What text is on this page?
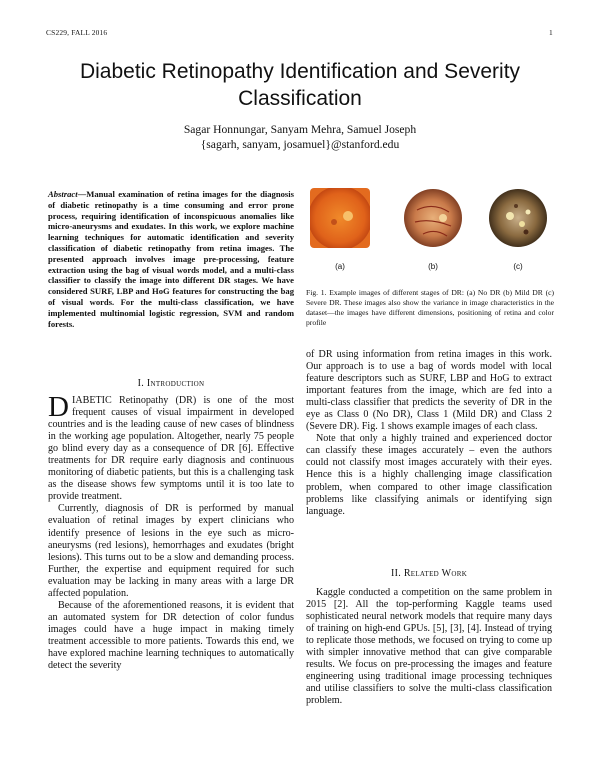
CS229, FALL 2016	1
Diabetic Retinopathy Identification and Severity Classification
Sagar Honnungar, Sanyam Mehra, Samuel Joseph
{sagarh, sanyam, josamuel}@stanford.edu
Abstract—Manual examination of retina images for the diagnosis of diabetic retinopathy is a time consuming and error prone process, requiring identification of inconspicuous anomalies like micro-aneurysms and exudates. In this work, we explore machine learning techniques for automatic identification and severity classification of diabetic retinopathy from retina images. The presented approach involves image pre-processing, feature extraction using the bag of visual words model, and a multi-class classifier to classify the image into different DR stages. We have considered SURF, LBP and HoG features for constructing the bag of visual words. For the multi-class classification, we have implemented multinomial logistic regression, SVM and random forests.
I. Introduction

DIABETIC Retinopathy (DR) is one of the most frequent causes of visual impairment in developed countries and is the leading cause of new cases of blindness in the working age population. Altogether, nearly 75 people go blind every day as a consequence of DR [6]. Effective treatments for DR require early diagnosis and continuous monitoring of diabetic patients, but this is a challenging task as the disease shows few symptoms until it is too late to provide treatment.

Currently, diagnosis of DR is performed by manual evaluation of retinal images by expert clinicians who identify presence of lesions in the eye such as micro-aneurysms (red lesions), hemorrhages and exudates (bright lesions). This turns out to be a slow and demanding process. Further, the expertise and equipment required for such evaluation may be lacking in many areas with a large DR affected population.

Because of the aforementioned reasons, it is evident that an automated system for DR detection of color fundus images could have a huge impact in making timely treatment accessible to more patients. Towards this end, we have explored machine learning techniques to automatically detect the severity

(a)	(b)	(c)
Fig. 1. Example images of different stages of DR: (a) No DR (b) Mild DR (c) Severe DR. These images also show the variance in image characteristics in the dataset—the images have different dimensions, positioning of retina and color profile

of DR using information from retina images in this work. Our approach is to use a bag of words model with local feature descriptors such as SURF, LBP and HoG to extract important features from the image, which are fed into a multi-class classifier that predicts the severity of DR in the eye as Class 0 (No DR), Class 1 (Mild DR) and Class 2 (Severe DR). Fig. 1 shows example images of each class.

Note that only a highly trained and experienced doctor can classify these images accurately – even the authors could not classify most images accurately with their eyes. Hence this is a highly challenging image classification problem, when compared to other image classification problems like classifying animals or identifying sign language.

II. Related Work

Kaggle conducted a competition on the same problem in 2015 [2]. All the top-performing Kaggle teams used sophisticated neural network models that require many days of training on high-end GPUs. [5], [3], [4]. Instead of trying to replicate those methods, we focused on trying to come up with simpler innovative method that can give comparable results. We focus on pre-processing the images and feature engineering using traditional image processing techniques and utilise classifiers to solve the multi-class classification problem.
